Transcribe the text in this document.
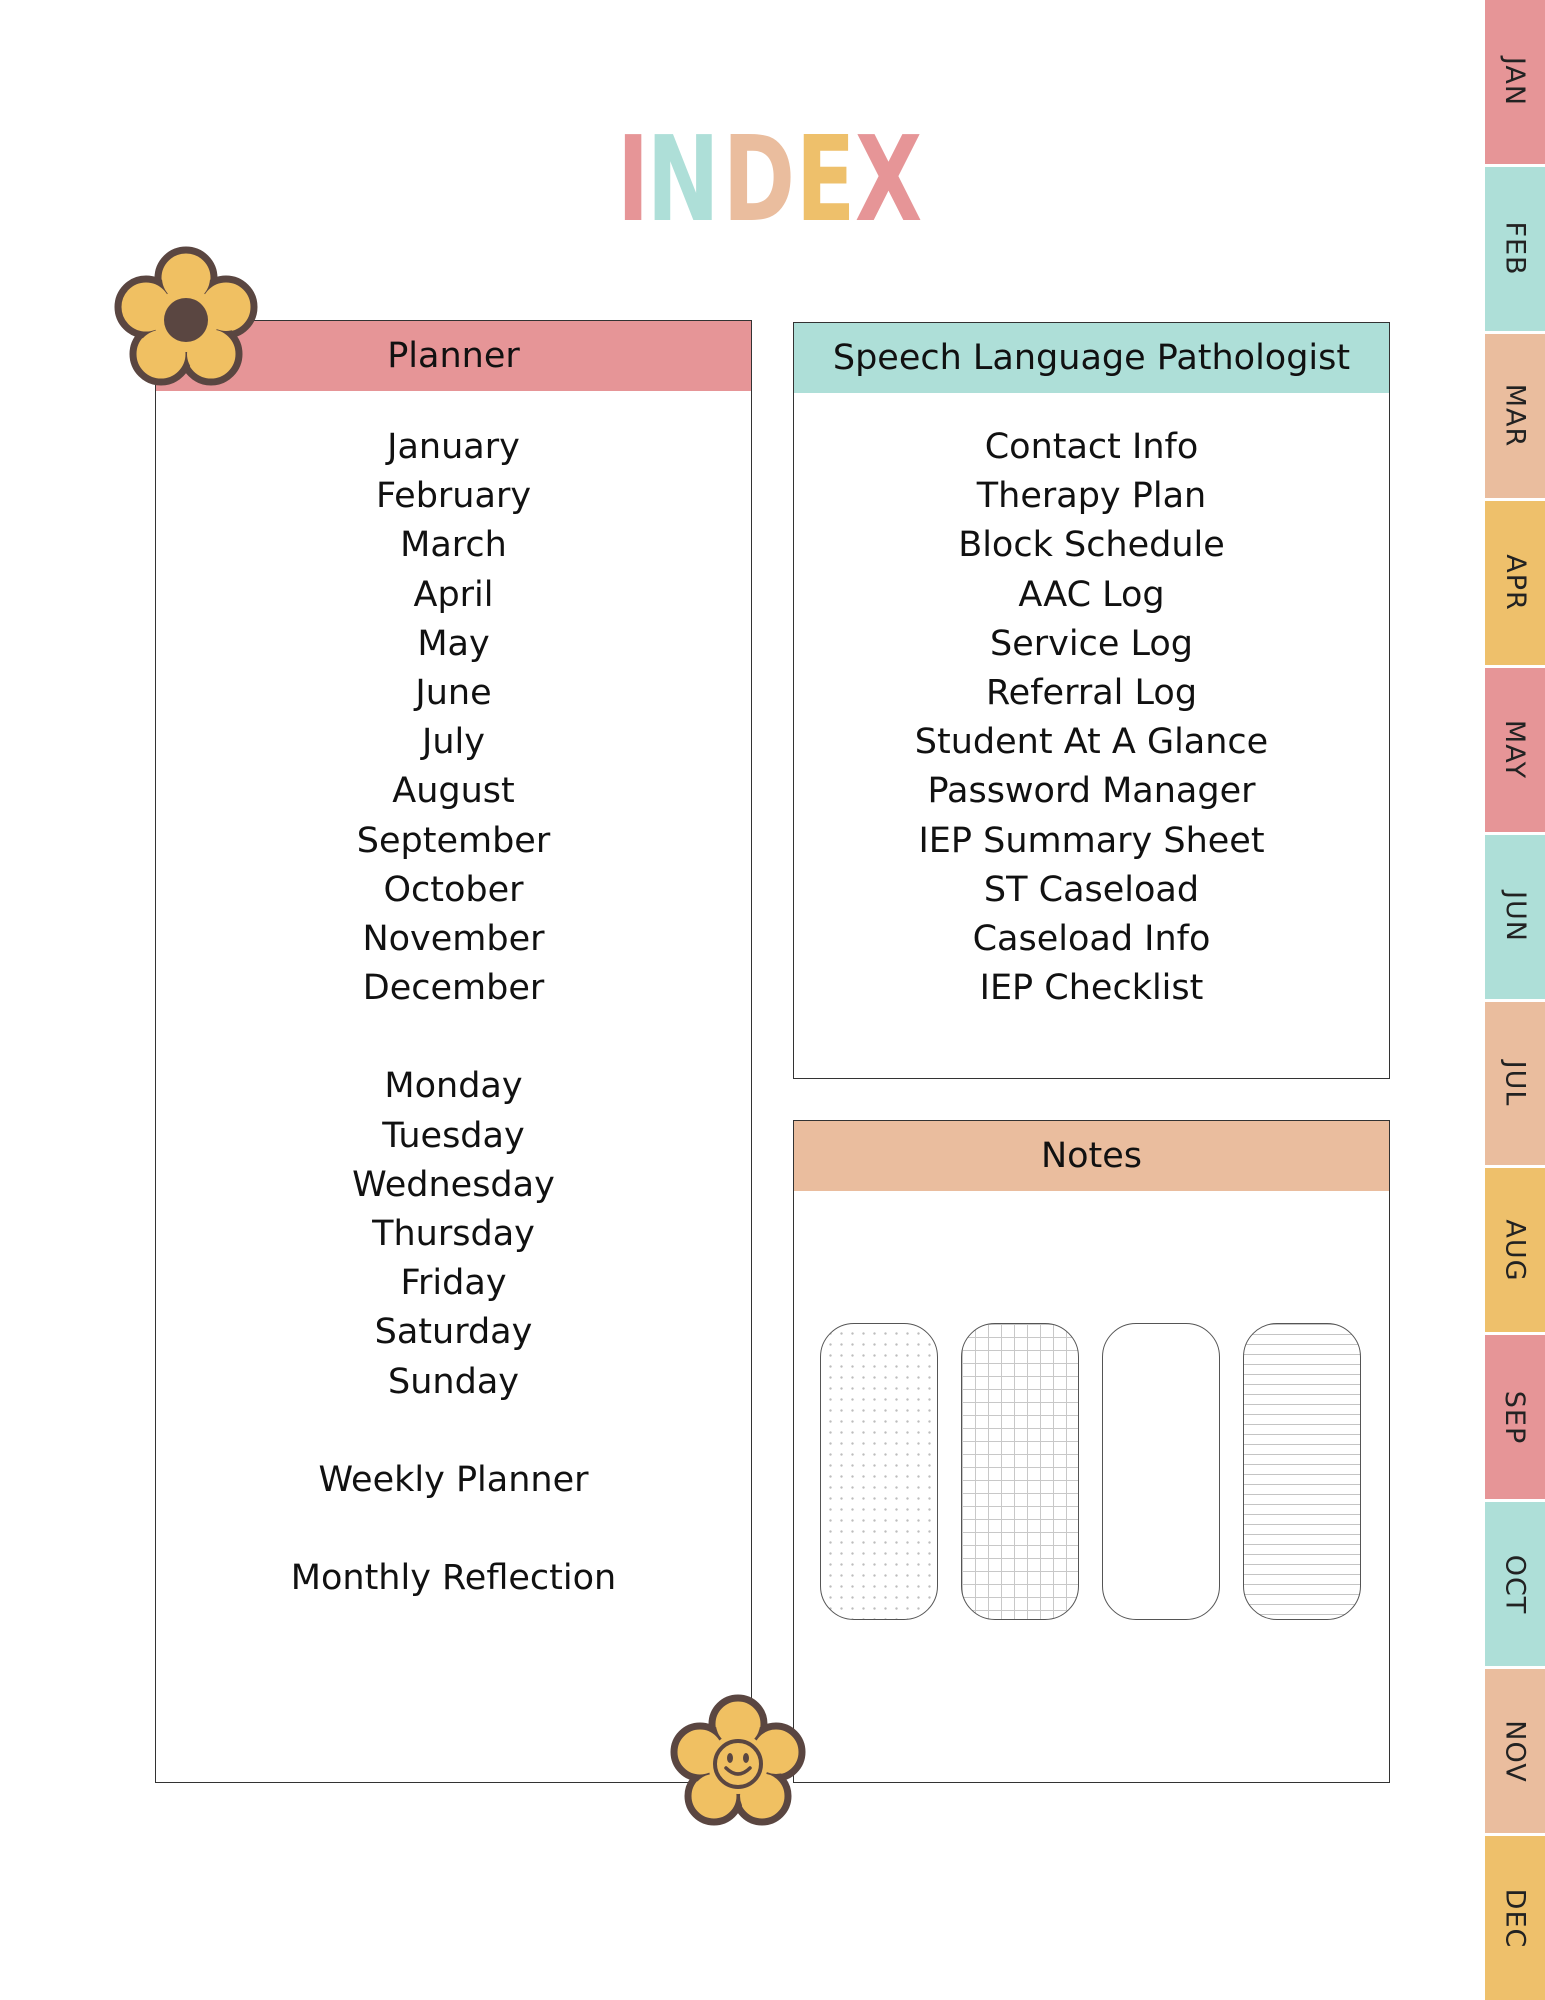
I N D E X
Planner
January
February
March
April
May
June
July
August
September
October
November
December
Monday
Tuesday
Wednesday
Thursday
Friday
Saturday
Sunday
Weekly Planner
Monthly Reflection
Speech Language Pathologist
Contact Info
Therapy Plan
Block Schedule
AAC Log
Service Log
Referral Log
Student At A Glance
Password Manager
IEP Summary Sheet
ST Caseload
Caseload Info
IEP Checklist
Notes
JAN
FEB
MAR
APR
MAY
JUN
JUL
AUG
SEP
OCT
NOV
DEC
